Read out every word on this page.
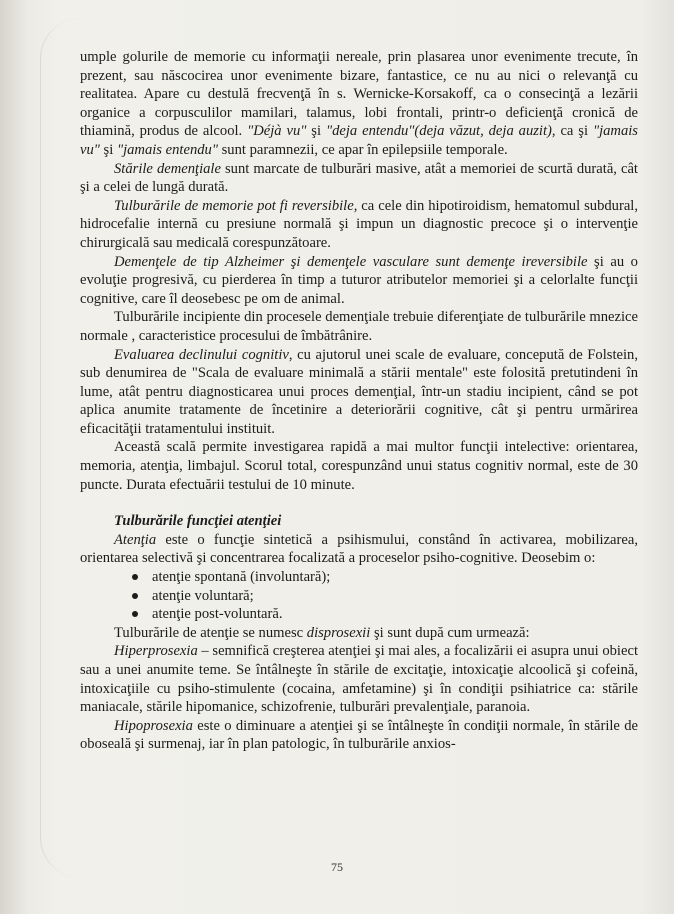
umple golurile de memorie cu informaţii nereale, prin plasarea unor evenimente trecute, în prezent, sau născocirea unor evenimente bizare, fantastice, ce nu au nici o relevanţă cu realitatea. Apare cu destulă frecvenţă în s. Wernicke-Korsakoff, ca o consecinţă a lezării organice a corpusculilor mamilari, talamus, lobi frontali, printr-o deficienţă cronică de thiamină, produs de alcool. "Déjà vu" şi "deja entendu"(deja văzut, deja auzit), ca şi "jamais vu" şi "jamais entendu" sunt paramnezii, ce apar în epilepsiile temporale.

Stările demenţiale sunt marcate de tulburări masive, atât a memoriei de scurtă durată, cât şi a celei de lungă durată.

Tulburările de memorie pot fi reversibile, ca cele din hipotiroidism, hematomul subdural, hidrocefalie internă cu presiune normală şi impun un diagnostic precoce şi o intervenţie chirurgicală sau medicală corespunzătoare.

Demenţele de tip Alzheimer şi demenţele vasculare sunt demenţe ireversibile şi au o evoluţie progresivă, cu pierderea în timp a tuturor atributelor memoriei şi a celorlalte funcţii cognitive, care îl deosebesc pe om de animal.

Tulburările incipiente din procesele demenţiale trebuie diferenţiate de tulburările mnezice normale , caracteristice procesului de îmbătrânire.

Evaluarea declinului cognitiv, cu ajutorul unei scale de evaluare, concepută de Folstein, sub denumirea de "Scala de evaluare minimală a stării mentale" este folosită pretutindeni în lume, atât pentru diagnosticarea unui proces demenţial, într-un stadiu incipient, când se pot aplica anumite tratamente de încetinire a deteriorării cognitive, cât şi pentru urmărirea eficacităţii tratamentului instituit.

Această scală permite investigarea rapidă a mai multor funcţii intelective: orientarea, memoria, atenţia, limbajul. Scorul total, corespunzând unui status cognitiv normal, este de 30 puncte. Durata efectuării testului de 10 minute.

Tulburările funcţiei atenţiei

Atenţia este o funcţie sintetică a psihismului, constând în activarea, mobilizarea, orientarea selectivă şi concentrarea focalizată a proceselor psiho-cognitive. Deosebim o:

atenţie spontană (involuntară);
atenţie voluntară;
atenţie post-voluntară.

Tulburările de atenţie se numesc disprosexii şi sunt după cum urmează:

Hiperprosexia – semnifică creşterea atenţiei şi mai ales, a focalizării ei asupra unui obiect sau a unei anumite teme. Se întâlneşte în stările de excitaţie, intoxicaţie alcoolică şi cofeină, intoxicaţiile cu psiho-stimulente (cocaina, amfetamine) şi în condiţii psihiatrice ca: stările maniacale, stările hipomanice, schizofrenie, tulburări prevalenţiale, paranoia.

Hipoprosexia este o diminuare a atenţiei şi se întâlneşte în condiţii normale, în stările de oboseală şi surmenaj, iar în plan patologic, în tulburările anxios-

75
